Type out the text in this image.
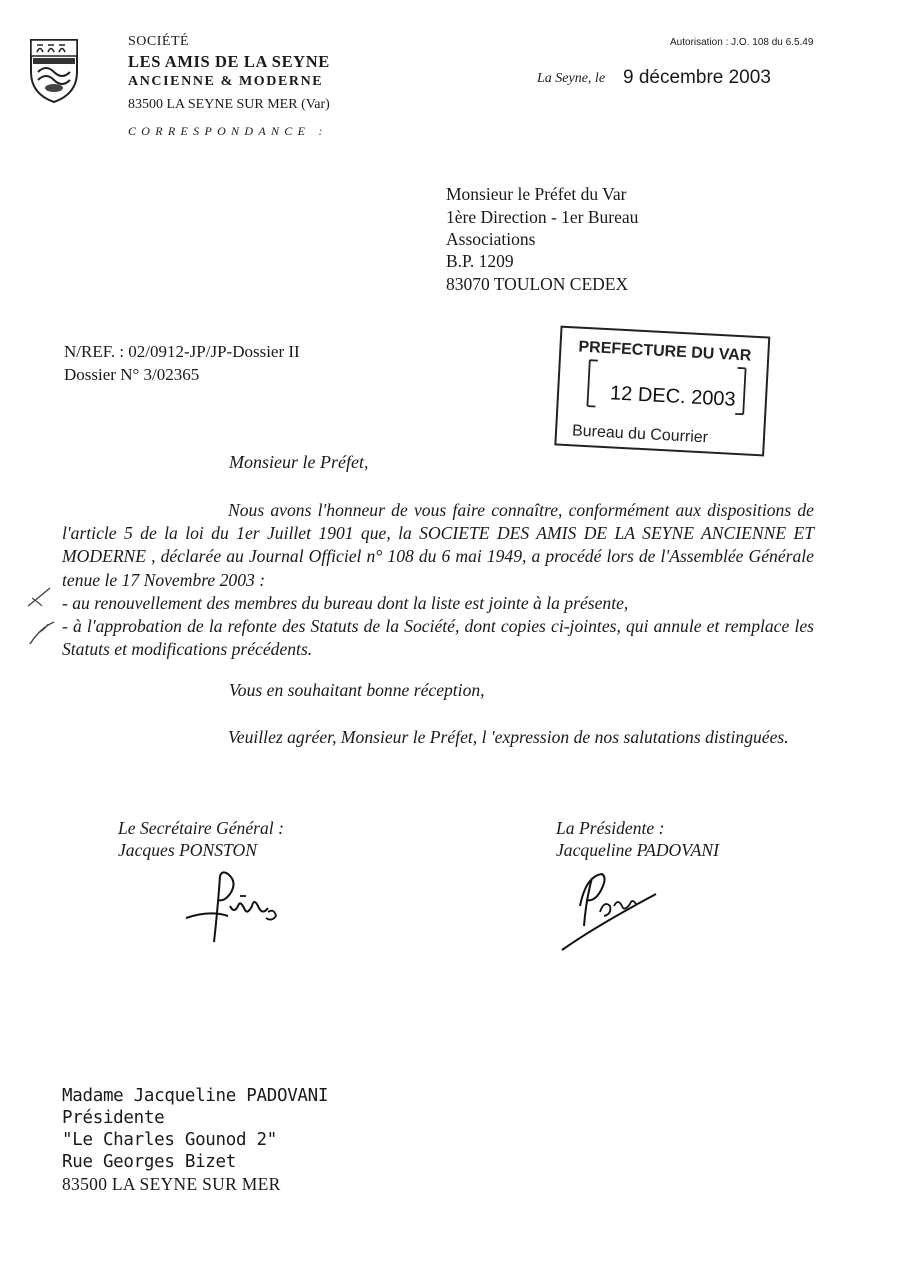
SOCIÉTÉ
LES AMIS DE LA SEYNE
ANCIENNE & MODERNE
83500 LA SEYNE SUR MER (Var)
CORRESPONDANCE :
Autorisation : J.O. 108 du 6.5.49
La Seyne, le 9 décembre 2003
Monsieur le Préfet du Var
1ère Direction - 1er Bureau
Associations
B.P. 1209
83070 TOULON CEDEX
N/REF. : 02/0912-JP/JP-Dossier II
Dossier N° 3/02365
PREFECTURE DU VAR
12 DEC. 2003
Bureau du Courrier
Monsieur le Préfet,

Nous avons l'honneur de vous faire connaître, conformément aux dispositions de l'article 5 de la loi du 1er Juillet 1901 que, la SOCIETE DES AMIS DE LA SEYNE ANCIENNE ET MODERNE , déclarée au Journal Officiel n° 108 du 6 mai 1949, a procédé lors de l'Assemblée Générale tenue le 17 Novembre 2003 :

- au renouvellement des membres du bureau dont la liste est jointe à la présente,

- à l'approbation de la refonte des Statuts de la Société, dont copies ci-jointes, qui annule et remplace les Statuts et modifications précédents.

Vous en souhaitant bonne réception,

Veuillez agréer, Monsieur le Préfet, l 'expression de nos salutations distinguées.

Le Secrétaire Général :
Jacques PONSTON
La Présidente :
Jacqueline PADOVANI
Madame Jacqueline PADOVANI
Présidente
"Le Charles Gounod 2"
Rue Georges Bizet
83500 LA SEYNE SUR MER
